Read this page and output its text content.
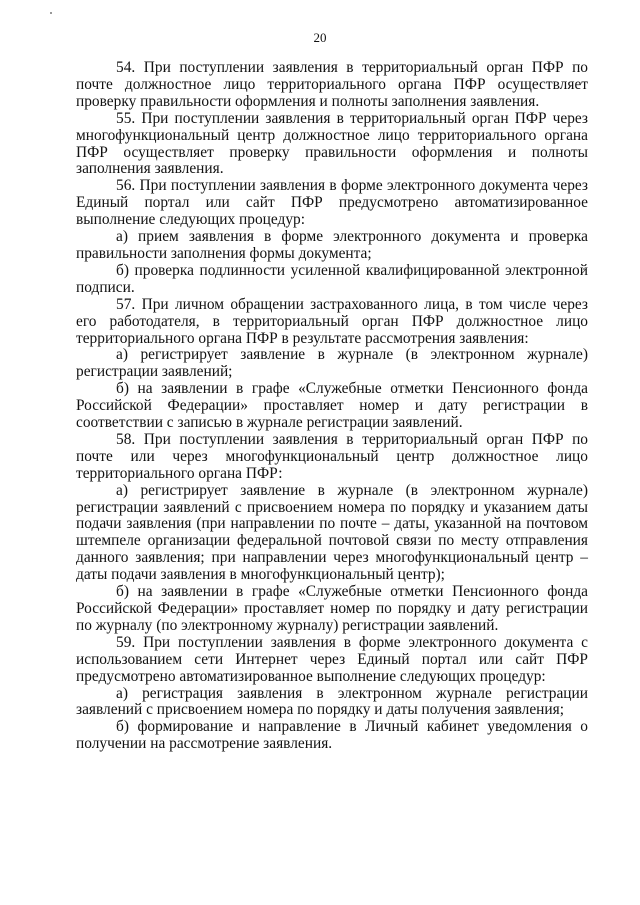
20

54. При поступлении заявления в территориальный орган ПФР по почте должностное лицо территориального органа ПФР осуществляет проверку правильности оформления и полноты заполнения заявления.

55. При поступлении заявления в территориальный орган ПФР через многофункциональный центр должностное лицо территориального органа ПФР осуществляет проверку правильности оформления и полноты заполнения заявления.

56. При поступлении заявления в форме электронного документа через Единый портал или сайт ПФР предусмотрено автоматизированное выполнение следующих процедур:

а) прием заявления в форме электронного документа и проверка правильности заполнения формы документа;

б) проверка подлинности усиленной квалифицированной электронной подписи.

57. При личном обращении застрахованного лица, в том числе через его работодателя, в территориальный орган ПФР должностное лицо территориального органа ПФР в результате рассмотрения заявления:

а) регистрирует заявление в журнале (в электронном журнале) регистрации заявлений;

б) на заявлении в графе «Служебные отметки Пенсионного фонда Российской Федерации» проставляет номер и дату регистрации в соответствии с записью в журнале регистрации заявлений.

58. При поступлении заявления в территориальный орган ПФР по почте или через многофункциональный центр должностное лицо территориального органа ПФР:

а) регистрирует заявление в журнале (в электронном журнале) регистрации заявлений с присвоением номера по порядку и указанием даты подачи заявления (при направлении по почте – даты, указанной на почтовом штемпеле организации федеральной почтовой связи по месту отправления данного заявления; при направлении через многофункциональный центр – даты подачи заявления в многофункциональный центр);

б) на заявлении в графе «Служебные отметки Пенсионного фонда Российской Федерации» проставляет номер по порядку и дату регистрации по журналу (по электронному журналу) регистрации заявлений.

59. При поступлении заявления в форме электронного документа с использованием сети Интернет через Единый портал или сайт ПФР предусмотрено автоматизированное выполнение следующих процедур:

а) регистрация заявления в электронном журнале регистрации заявлений с присвоением номера по порядку и даты получения заявления;

б) формирование и направление в Личный кабинет уведомления о получении на рассмотрение заявления.
